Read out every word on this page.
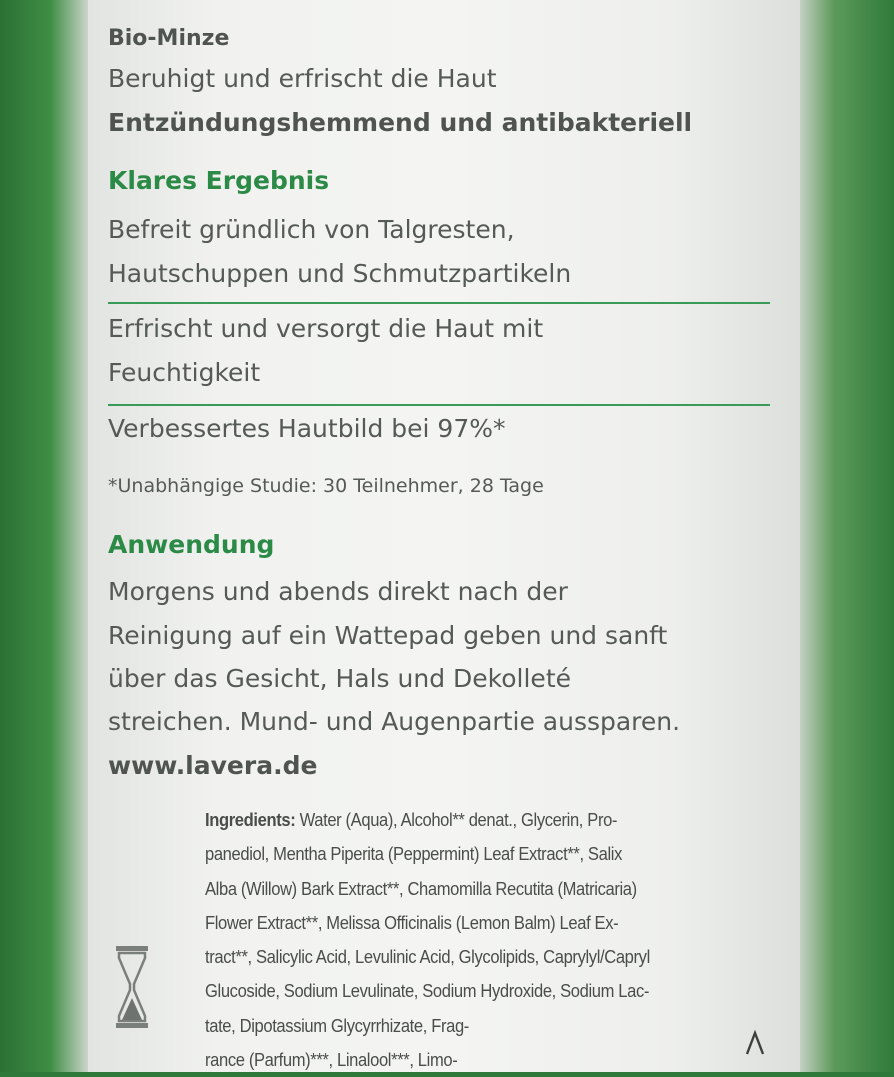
Bio-Minze
Beruhigt und erfrischt die Haut
Entzündungshemmend und antibakteriell
Klares Ergebnis
Befreit gründlich von Talgresten,
Hautschuppen und Schmutzpartikeln
Erfrischt und versorgt die Haut mit
Feuchtigkeit
Verbessertes Hautbild bei 97%*
*Unabhängige Studie: 30 Teilnehmer, 28 Tage
Anwendung
Morgens und abends direkt nach der
Reinigung auf ein Wattepad geben und sanft
über das Gesicht, Hals und Dekolleté
streichen. Mund- und Augenpartie aussparen.
www.lavera.de
Ingredients: Water (Aqua), Alcohol** denat., Glycerin, Pro-
panediol, Mentha Piperita (Peppermint) Leaf Extract**, Salix
Alba (Willow) Bark Extract**, Chamomilla Recutita (Matricaria)
Flower Extract**, Melissa Officinalis (Lemon Balm) Leaf Ex-
tract**, Salicylic Acid, Levulinic Acid, Glycolipids, Caprylyl/Capryl
Glucoside, Sodium Levulinate, Sodium Hydroxide, Sodium Lac-
tate, Dipotassium Glycyrrhizate, Frag-
rance (Parfum)***, Linalool***, Limo-
